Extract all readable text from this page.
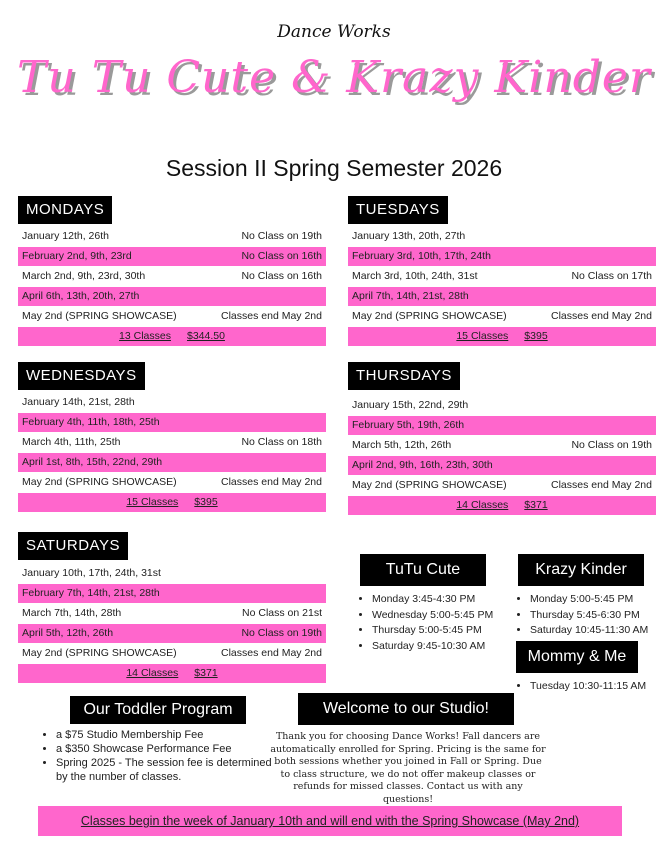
Dance Works
Tu Tu Cute & Krazy Kinder
Session II Spring Semester 2026
MONDAYS
January 12th, 26th	No Class on 19th
February 2nd, 9th, 23rd	No Class on 16th
March 2nd, 9th, 23rd, 30th	No Class on 16th
April 6th, 13th, 20th, 27th
May 2nd (SPRING SHOWCASE)	Classes end May 2nd
13 Classes $344.50
TUESDAYS
January 13th, 20th, 27th
February 3rd, 10th, 17th, 24th
March 3rd, 10th, 24th, 31st	No Class on 17th
April 7th, 14th, 21st, 28th
May 2nd (SPRING SHOWCASE)	Classes end May 2nd
15 Classes $395
WEDNESDAYS
January 14th, 21st, 28th
February 4th, 11th, 18th, 25th
March 4th, 11th, 25th	No Class on 18th
April 1st, 8th, 15th, 22nd, 29th
May 2nd (SPRING SHOWCASE)	Classes end May 2nd
15 Classes $395
THURSDAYS
January 15th, 22nd, 29th
February 5th, 19th, 26th
March 5th, 12th, 26th	No Class on 19th
April 2nd, 9th, 16th, 23th, 30th
May 2nd (SPRING SHOWCASE)	Classes end May 2nd
14 Classes $371
SATURDAYS
January 10th, 17th, 24th, 31st
February 7th, 14th, 21st, 28th
March 7th, 14th, 28th	No Class on 21st
April 5th, 12th, 26th	No Class on 19th
May 2nd (SPRING SHOWCASE)	Classes end May 2nd
14 Classes $371
TuTu Cute
• Monday 3:45-4:30 PM
• Wednesday 5:00-5:45 PM
• Thursday 5:00-5:45 PM
• Saturday 9:45-10:30 AM
Krazy Kinder
• Monday 5:00-5:45 PM
• Thursday 5:45-6:30 PM
• Saturday 10:45-11:30 AM
Mommy & Me
• Tuesday 10:30-11:15 AM
Our Toddler Program
• a $75 Studio Membership Fee
• a $350 Showcase Performance Fee
• Spring 2025 - The session fee is determined by the number of classes.
Welcome to our Studio!
Thank you for choosing Dance Works! Fall dancers are automatically enrolled for Spring. Pricing is the same for both sessions whether you joined in Fall or Spring. Due to class structure, we do not offer makeup classes or refunds for missed classes. Contact us with any questions!
Classes begin the week of January 10th and will end with the Spring Showcase (May 2nd)
